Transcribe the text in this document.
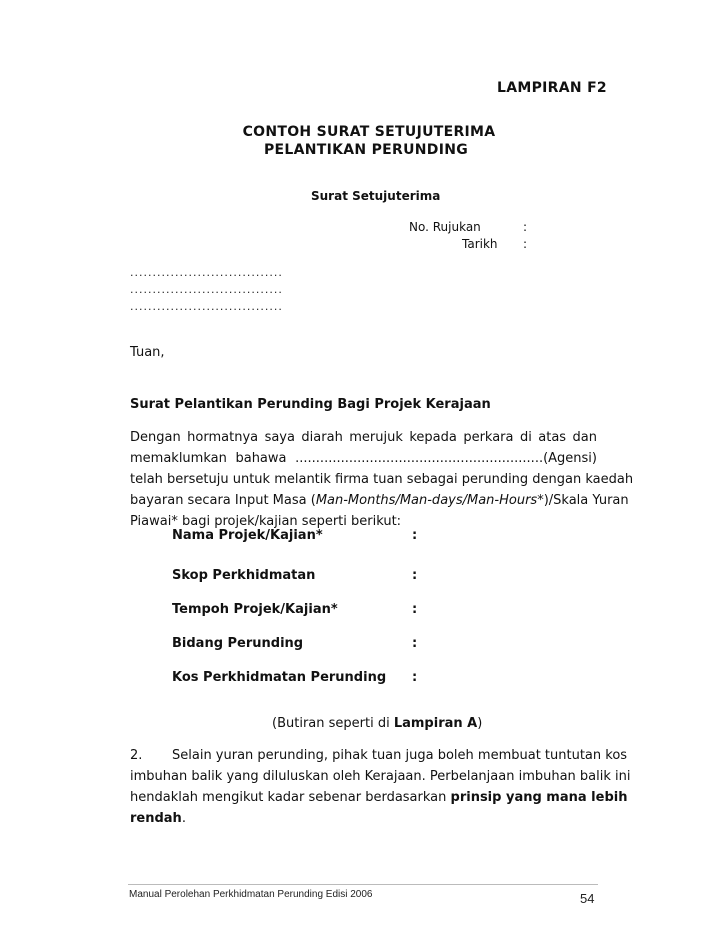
LAMPIRAN F2
CONTOH SURAT SETUJUTERIMA
PELANTIKAN PERUNDING
Surat Setujuterima
No. Rujukan	:
Tarikh :
..................................
..................................
..................................
Tuan,
Surat Pelantikan Perunding Bagi Projek Kerajaan
Dengan hormatnya saya diarah merujuk kepada perkara di atas dan
memaklumkan bahawa ............................................................(Agensi)
telah bersetuju untuk melantik firma tuan sebagai perunding dengan kaedah
bayaran secara Input Masa (Man-Months/Man-days/Man-Hours*)/Skala Yuran
Piawai* bagi projek/kajian seperti berikut:
Nama Projek/Kajian*	:
Skop Perkhidmatan	:
Tempoh Projek/Kajian*	:
Bidang Perunding	:
Kos Perkhidmatan Perunding :
(Butiran seperti di Lampiran A)
2. Selain yuran perunding, pihak tuan juga boleh membuat tuntutan kos
imbuhan balik yang diluluskan oleh Kerajaan. Perbelanjaan imbuhan balik ini
hendaklah mengikut kadar sebenar berdasarkan prinsip yang mana lebih
rendah.
Manual Perolehan Perkhidmatan Perunding Edisi 2006	54
